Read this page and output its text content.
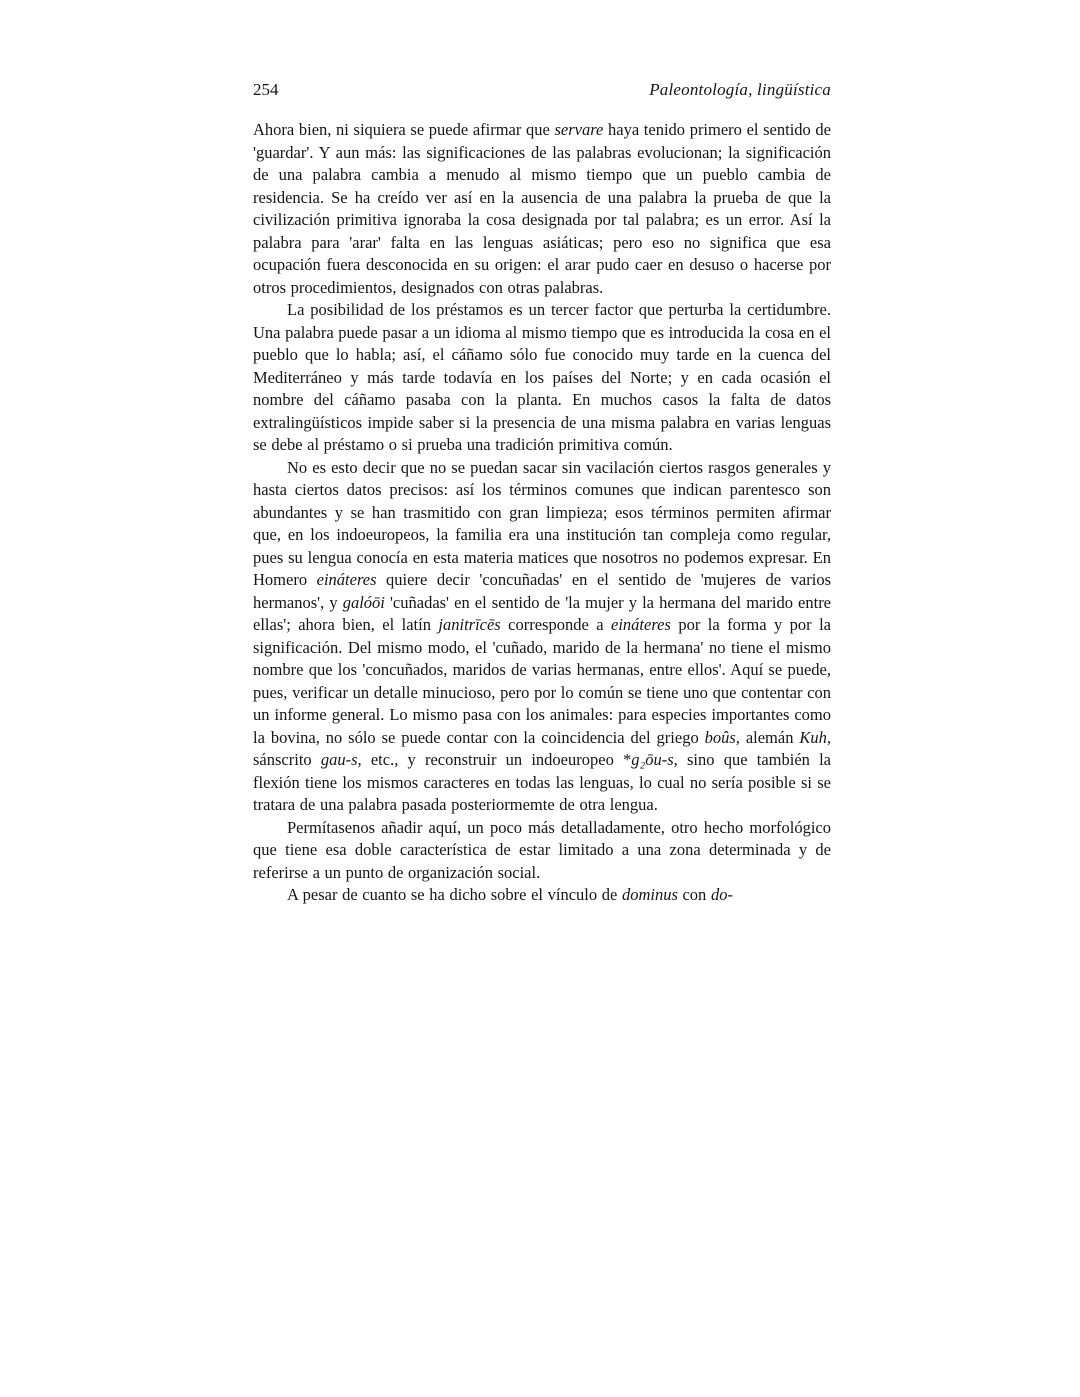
254	Paleontología, lingüística

Ahora bien, ni siquiera se puede afirmar que servare haya tenido primero el sentido de 'guardar'. Y aun más: las significaciones de las palabras evolucionan; la significación de una palabra cambia a menudo al mismo tiempo que un pueblo cambia de residencia. Se ha creído ver así en la ausencia de una palabra la prueba de que la civilización primitiva ignoraba la cosa designada por tal palabra; es un error. Así la palabra para 'arar' falta en las lenguas asiáticas; pero eso no significa que esa ocupación fuera desconocida en su origen: el arar pudo caer en desuso o hacerse por otros procedimientos, designados con otras palabras.

La posibilidad de los préstamos es un tercer factor que perturba la certidumbre. Una palabra puede pasar a un idioma al mismo tiempo que es introducida la cosa en el pueblo que lo habla; así, el cáñamo sólo fue conocido muy tarde en la cuenca del Mediterráneo y más tarde todavía en los países del Norte; y en cada ocasión el nombre del cáñamo pasaba con la planta. En muchos casos la falta de datos extralingüísticos impide saber si la presencia de una misma palabra en varias lenguas se debe al préstamo o si prueba una tradición primitiva común.

No es esto decir que no se puedan sacar sin vacilación ciertos rasgos generales y hasta ciertos datos precisos: así los términos comunes que indican parentesco son abundantes y se han trasmitido con gran limpieza; esos términos permiten afirmar que, en los indoeuropeos, la familia era una institución tan compleja como regular, pues su lengua conocía en esta materia matices que nosotros no podemos expresar. En Homero eináteres quiere decir 'concuñadas' en el sentido de 'mujeres de varios hermanos', y galóōi 'cuñadas' en el sentido de 'la mujer y la hermana del marido entre ellas'; ahora bien, el latín janitrīcēs corresponde a eináteres por la forma y por la significación. Del mismo modo, el 'cuñado, marido de la hermana' no tiene el mismo nombre que los 'concuñados, maridos de varias hermanas, entre ellos'. Aquí se puede, pues, verificar un detalle minucioso, pero por lo común se tiene uno que contentar con un informe general. Lo mismo pasa con los animales: para especies importantes como la bovina, no sólo se puede contar con la coincidencia del griego boûs, alemán Kuh, sánscrito gau-s, etc., y reconstruir un indoeuropeo *g₂ōu-s, sino que también la flexión tiene los mismos caracteres en todas las lenguas, lo cual no sería posible si se tratara de una palabra pasada posteriormemte de otra lengua.

Permítasenos añadir aquí, un poco más detalladamente, otro hecho morfológico que tiene esa doble característica de estar limitado a una zona determinada y de referirse a un punto de organización social.

A pesar de cuanto se ha dicho sobre el vínculo de dominus con do-
